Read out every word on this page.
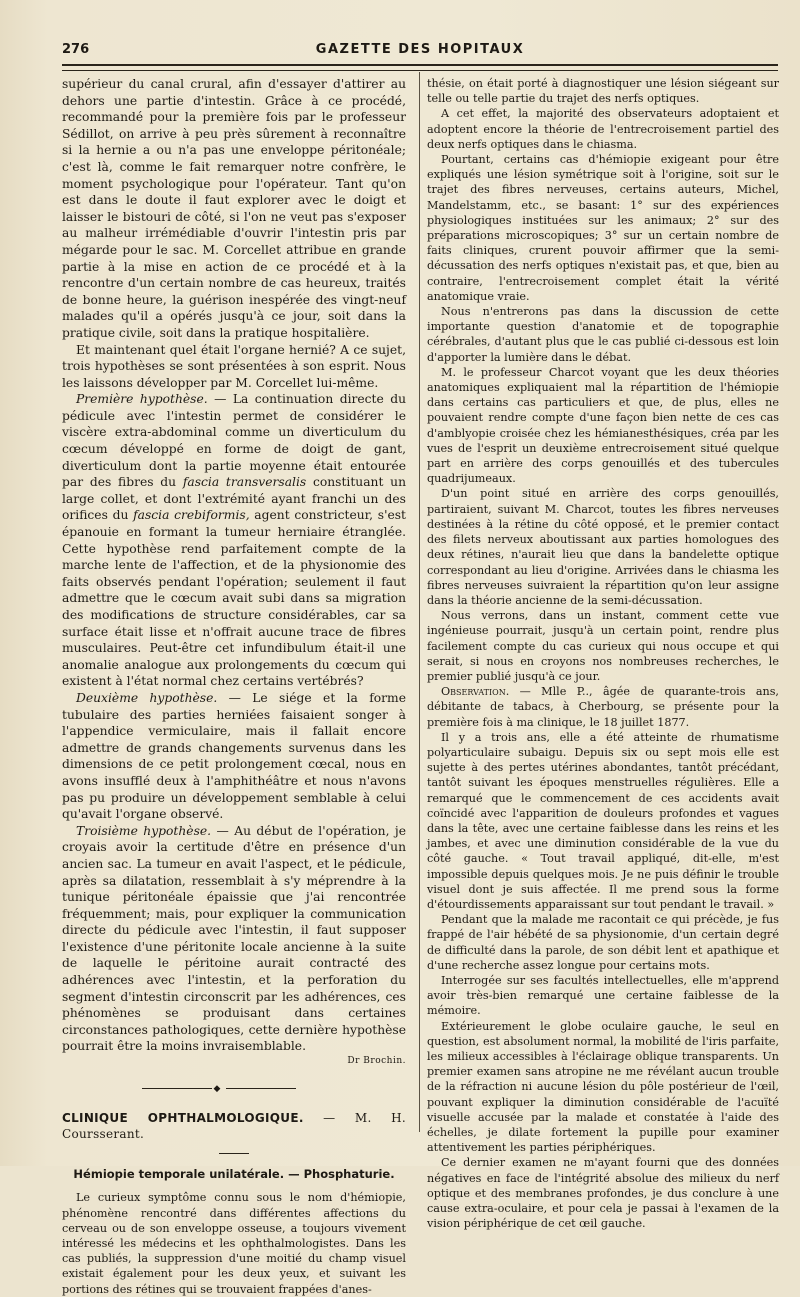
276	GAZETTE DES HOPITAUX

supérieur du canal crural, afin d'essayer d'attirer au dehors une partie d'intestin. Grâce à ce procédé, recommandé pour la première fois par le professeur Sédillot, on arrive à peu près sûrement à reconnaître si la hernie a ou n'a pas une enveloppe péritonéale; c'est là, comme le fait remarquer notre confrère, le moment psychologique pour l'opérateur. Tant qu'on est dans le doute il faut explorer avec le doigt et laisser le bistouri de côté, si l'on ne veut pas s'exposer au malheur irrémédiable d'ouvrir l'intestin pris par mégarde pour le sac. M. Corcellet attribue en grande partie à la mise en action de ce procédé et à la rencontre d'un certain nombre de cas heureux, traités de bonne heure, la guérison inespérée des vingt-neuf malades qu'il a opérés jusqu'à ce jour, soit dans la pratique civile, soit dans la pratique hospitalière.

Et maintenant quel était l'organe hernié? A ce sujet, trois hypothèses se sont présentées à son esprit. Nous les laissons développer par M. Corcellet lui-même.

Première hypothèse. — La continuation directe du pédicule avec l'intestin permet de considérer le viscère extra-abdominal comme un diverticulum du cœcum développé en forme de doigt de gant, diverticulum dont la partie moyenne était entourée par des fibres du fascia transversalis constituant un large collet, et dont l'extrémité ayant franchi un des orifices du fascia crebiformis, agent constricteur, s'est épanouie en formant la tumeur herniaire étranglée. Cette hypothèse rend parfaitement compte de la marche lente de l'affection, et de la physionomie des faits observés pendant l'opération; seulement il faut admettre que le cœcum avait subi dans sa migration des modifications de structure considérables, car sa surface était lisse et n'offrait aucune trace de fibres musculaires. Peut-être cet infundibulum était-il une anomalie analogue aux prolongements du cœcum qui existent à l'état normal chez certains vertébrés?

Deuxième hypothèse. — Le siége et la forme tubulaire des parties herniées faisaient songer à l'appendice vermiculaire, mais il fallait encore admettre de grands changements survenus dans les dimensions de ce petit prolongement cœcal, nous en avons insufflé deux à l'amphithéâtre et nous n'avons pas pu produire un développement semblable à celui qu'avait l'organe observé.

Troisième hypothèse. — Au début de l'opération, je croyais avoir la certitude d'être en présence d'un ancien sac. La tumeur en avait l'aspect, et le pédicule, après sa dilatation, ressemblait à s'y méprendre à la tunique péritonéale épaissie que j'ai rencontrée fréquemment; mais, pour expliquer la communication directe du pédicule avec l'intestin, il faut supposer l'existence d'une péritonite locale ancienne à la suite de laquelle le péritoine aurait contracté des adhérences avec l'intestin, et la perforation du segment d'intestin circonscrit par les adhérences, ces phénomènes se produisant dans certaines circonstances pathologiques, cette dernière hypothèse pourrait être la moins invraisemblable.

Dr Brochin.
◆
CLINIQUE OPHTHALMOLOGIQUE. — M. H. Coursserant.
Hémiopie temporale unilatérale. — Phosphaturie.

Le curieux symptôme connu sous le nom d'hémiopie, phénomène rencontré dans différentes affections du cerveau ou de son enveloppe osseuse, a toujours vivement intéressé les médecins et les ophthalmologistes. Dans les cas publiés, la suppression d'une moitié du champ visuel existait également pour les deux yeux, et suivant les portions des rétines qui se trouvaient frappées d'anes-

thésie, on était porté à diagnostiquer une lésion siégeant sur telle ou telle partie du trajet des nerfs optiques.

A cet effet, la majorité des observateurs adoptaient et adoptent encore la théorie de l'entrecroisement partiel des deux nerfs optiques dans le chiasma.

Pourtant, certains cas d'hémiopie exigeant pour être expliqués une lésion symétrique soit à l'origine, soit sur le trajet des fibres nerveuses, certains auteurs, Michel, Mandelstamm, etc., se basant: 1° sur des expériences physiologiques instituées sur les animaux; 2° sur des préparations microscopiques; 3° sur un certain nombre de faits cliniques, crurent pouvoir affirmer que la semi-décussation des nerfs optiques n'existait pas, et que, bien au contraire, l'entrecroisement complet était la vérité anatomique vraie.

Nous n'entrerons pas dans la discussion de cette importante question d'anatomie et de topographie cérébrales, d'autant plus que le cas publié ci-dessous est loin d'apporter la lumière dans le débat.

M. le professeur Charcot voyant que les deux théories anatomiques expliquaient mal la répartition de l'hémiopie dans certains cas particuliers et que, de plus, elles ne pouvaient rendre compte d'une façon bien nette de ces cas d'amblyopie croisée chez les hémianesthésiques, créa par les vues de l'esprit un deuxième entrecroisement situé quelque part en arrière des corps genouillés et des tubercules quadrijumeaux.

D'un point situé en arrière des corps genouillés, partiraient, suivant M. Charcot, toutes les fibres nerveuses destinées à la rétine du côté opposé, et le premier contact des filets nerveux aboutissant aux parties homologues des deux rétines, n'aurait lieu que dans la bandelette optique correspondant au lieu d'origine. Arrivées dans le chiasma les fibres nerveuses suivraient la répartition qu'on leur assigne dans la théorie ancienne de la semi-décussation.

Nous verrons, dans un instant, comment cette vue ingénieuse pourrait, jusqu'à un certain point, rendre plus facilement compte du cas curieux qui nous occupe et qui serait, si nous en croyons nos nombreuses recherches, le premier publié jusqu'à ce jour.

Observation. — Mlle P.., âgée de quarante-trois ans, débitante de tabacs, à Cherbourg, se présente pour la première fois à ma clinique, le 18 juillet 1877.

Il y a trois ans, elle a été atteinte de rhumatisme polyarticulaire subaigu. Depuis six ou sept mois elle est sujette à des pertes utérines abondantes, tantôt précédant, tantôt suivant les époques menstruelles régulières. Elle a remarqué que le commencement de ces accidents avait coïncidé avec l'apparition de douleurs profondes et vagues dans la tête, avec une certaine faiblesse dans les reins et les jambes, et avec une diminution considérable de la vue du côté gauche. « Tout travail appliqué, dit-elle, m'est impossible depuis quelques mois. Je ne puis définir le trouble visuel dont je suis affectée. Il me prend sous la forme d'étourdissements apparaissant sur tout pendant le travail. »

Pendant que la malade me racontait ce qui précède, je fus frappé de l'air hébété de sa physionomie, d'un certain degré de difficulté dans la parole, de son débit lent et apathique et d'une recherche assez longue pour certains mots.

Interrogée sur ses facultés intellectuelles, elle m'apprend avoir très-bien remarqué une certaine faiblesse de la mémoire.

Extérieurement le globe oculaire gauche, le seul en question, est absolument normal, la mobilité de l'iris parfaite, les milieux accessibles à l'éclairage oblique transparents. Un premier examen sans atropine ne me révélant aucun trouble de la réfraction ni aucune lésion du pôle postérieur de l'œil, pouvant expliquer la diminution considérable de l'acuïté visuelle accusée par la malade et constatée à l'aide des échelles, je dilate fortement la pupille pour examiner attentivement les parties périphériques.

Ce dernier examen ne m'ayant fourni que des données négatives en face de l'intégrité absolue des milieux du nerf optique et des membranes profondes, je dus conclure à une cause extra-oculaire, et pour cela je passai à l'examen de la vision périphérique de cet œil gauche.
